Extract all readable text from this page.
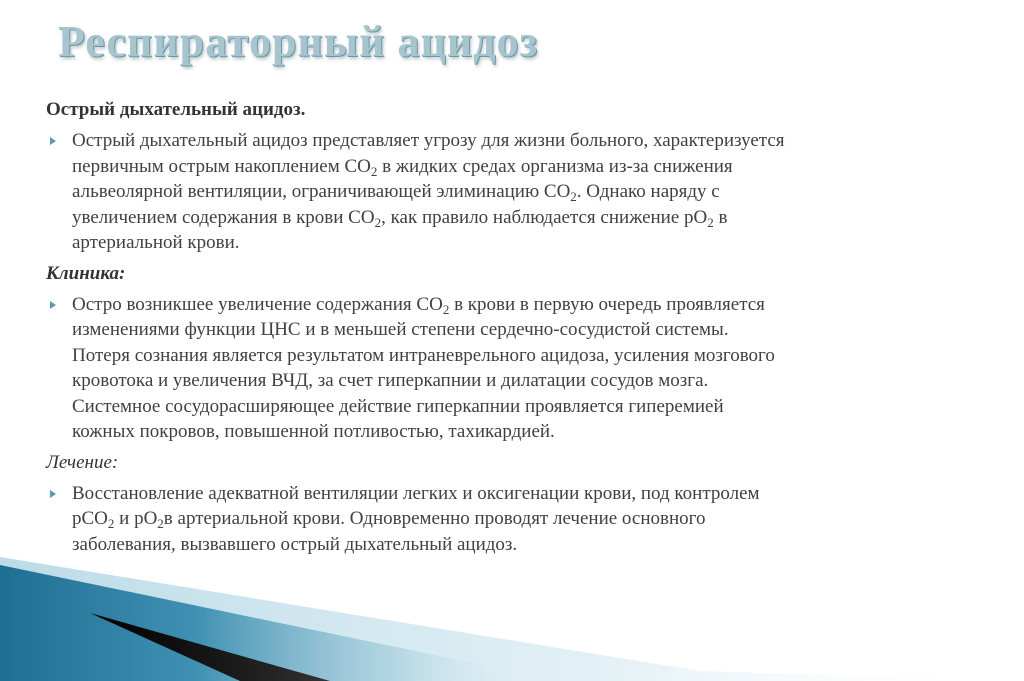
Респираторный ацидоз
Острый дыхательный ацидоз.
Острый дыхательный ацидоз представляет угрозу для жизни больного, характеризуется
первичным острым накоплением $СО_2$ в жидких средах организма из-за снижения
альвеолярной вентиляции, ограничивающей элиминацию $СО_2$. Однако наряду с
увеличением содержания в крови $СО_2$, как правило наблюдается снижение $рО_2$ в
артериальной крови.
Клиника:
Остро возникшее увеличение содержания $СО_2$ в крови в первую очередь проявляется
изменениями функции ЦНС и в меньшей степени сердечно-сосудистой системы.
Потеря сознания является результатом интраневрельного ацидоза, усиления мозгового
кровотока и увеличения ВЧД, за счет гиперкапнии и дилатации сосудов мозга.
Системное сосудорасширяющее действие гиперкапнии проявляется гиперемией
кожных покровов, повышенной потливостью, тахикардией.
Лечение:
Восстановление адекватной вентиляции легких и оксигенации крови, под контролем
рСО$_2$ и $рО_2в$ артериальной крови. Одновременно проводят лечение основного
заболевания, вызвавшего острый дыхательный ацидоз.
